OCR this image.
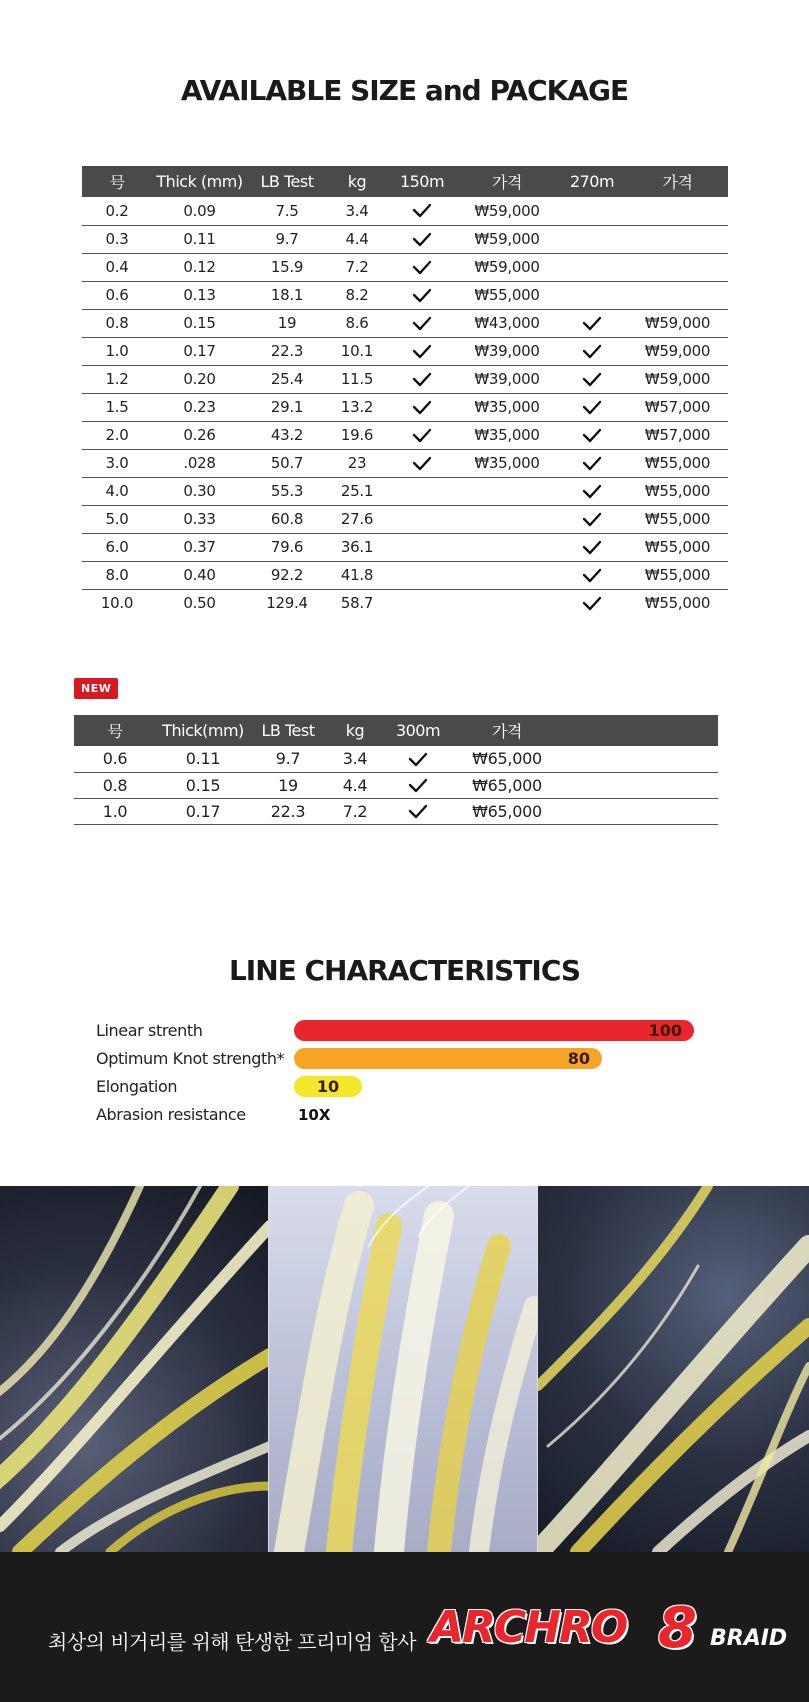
AVAILABLE SIZE and PACKAGE
号	Thick (mm)	LB Test	kg	150m	가격	270m	가격
0.2	0.09	7.5	3.4		₩59,000		
0.3	0.11	9.7	4.4		₩59,000		
0.4	0.12	15.9	7.2		₩59,000		
0.6	0.13	18.1	8.2		₩55,000		
0.8	0.15	19	8.6		₩43,000		₩59,000
1.0	0.17	22.3	10.1		₩39,000		₩59,000
1.2	0.20	25.4	11.5		₩39,000		₩59,000
1.5	0.23	29.1	13.2		₩35,000		₩57,000
2.0	0.26	43.2	19.6		₩35,000		₩57,000
3.0	.028	50.7	23		₩35,000		₩55,000
4.0	0.30	55.3	25.1				₩55,000
5.0	0.33	60.8	27.6				₩55,000
6.0	0.37	79.6	36.1				₩55,000
8.0	0.40	92.2	41.8				₩55,000
10.0	0.50	129.4	58.7				₩55,000
NEW
号	Thick(mm)	LB Test	kg	300m	가격	
0.6	0.11	9.7	3.4		₩65,000	
0.8	0.15	19	4.4		₩65,000	
1.0	0.17	22.3	7.2		₩65,000	
LINE CHARACTERISTICS
Linear strenth	100
Optimum Knot strength*	80
Elongation	10
Abrasion resistance	10X
최상의 비거리를 위해 탄생한 프리미엄 합사 ARCHRO 8 BRAID
